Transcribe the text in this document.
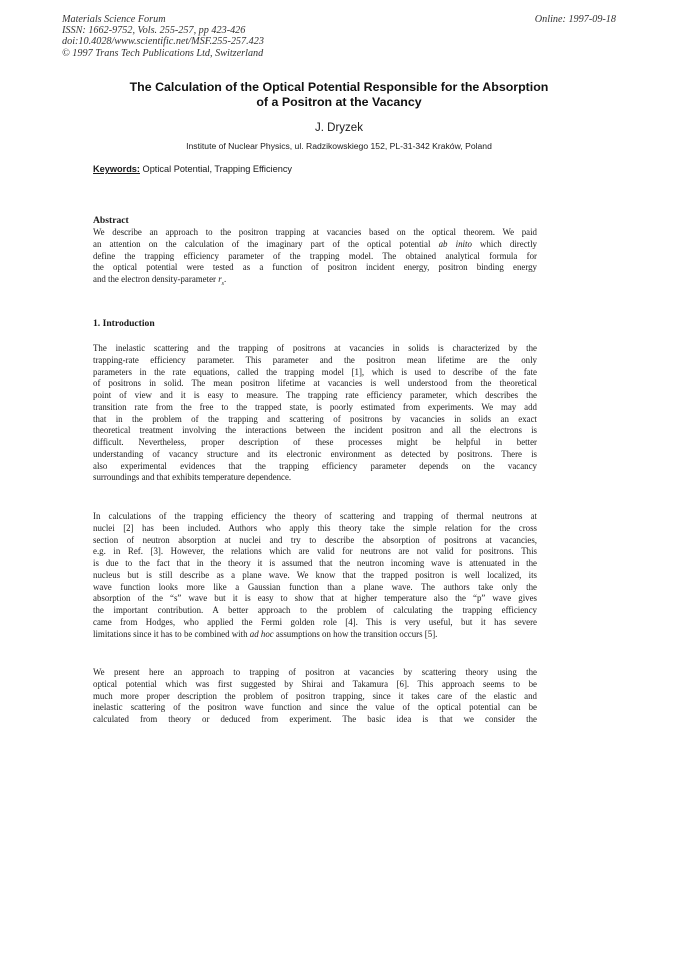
Materials Science Forum
ISSN: 1662-9752, Vols. 255-257, pp 423-426
doi:10.4028/www.scientific.net/MSF.255-257.423
© 1997 Trans Tech Publications Ltd, Switzerland
Online: 1997-09-18
The Calculation of the Optical Potential Responsible for the Absorption
of a Positron at the Vacancy
J. Dryzek
Institute of Nuclear Physics, ul. Radzikowskiego 152, PL-31-342 Kraków, Poland
Keywords: Optical Potential, Trapping Efficiency
Abstract
We describe an approach to the positron trapping at vacancies based on the optical theorem. We paid
an attention on the calculation of the imaginary part of the optical potential ab inito which directly
define the trapping efficiency parameter of the trapping model. The obtained analytical formula for
the optical potential were tested as a function of positron incident energy, positron binding energy
and the electron density-parameter $r_s$.
1. Introduction
The inelastic scattering and the trapping of positrons at vacancies in solids is characterized by the
trapping-rate efficiency parameter. This parameter and the positron mean lifetime are the only
parameters in the rate equations, called the trapping model [1], which is used to describe of the fate
of positrons in solid. The mean positron lifetime at vacancies is well understood from the theoretical
point of view and it is easy to measure. The trapping rate efficiency parameter, which describes the
transition rate from the free to the trapped state, is poorly estimated from experiments. We may add
that in the problem of the trapping and scattering of positrons by vacancies in solids an exact
theoretical treatment involving the interactions between the incident positron and all the electrons is
difficult. Nevertheless, proper description of these processes might be helpful in better
understanding of vacancy structure and its electronic environment as detected by positrons. There is
also experimental evidences that the trapping efficiency parameter depends on the vacancy
surroundings and that exhibits temperature dependence.
In calculations of the trapping efficiency the theory of scattering and trapping of thermal neutrons at
nuclei [2] has been included. Authors who apply this theory take the simple relation for the cross
section of neutron absorption at nuclei and try to describe the absorption of positrons at vacancies,
e.g. in Ref. [3]. However, the relations which are valid for neutrons are not valid for positrons. This
is due to the fact that in the theory it is assumed that the neutron incoming wave is attenuated in the
nucleus but is still describe as a plane wave. We know that the trapped positron is well localized, its
wave function looks more like a Gaussian function than a plane wave. The authors take only the
absorption of the “s” wave but it is easy to show that at higher temperature also the “p” wave gives
the important contribution. A better approach to the problem of calculating the trapping efficiency
came from Hodges, who applied the Fermi golden role [4]. This is very useful, but it has severe
limitations since it has to be combined with ad hoc assumptions on how the transition occurs [5].
We present here an approach to trapping of positron at vacancies by scattering theory using the
optical potential which was first suggested by Shirai and Takamura [6]. This approach seems to be
much more proper description the problem of positron trapping, since it takes care of the elastic and
inelastic scattering of the positron wave function and since the value of the optical potential can be
calculated from theory or deduced from experiment. The basic idea is that we consider the
